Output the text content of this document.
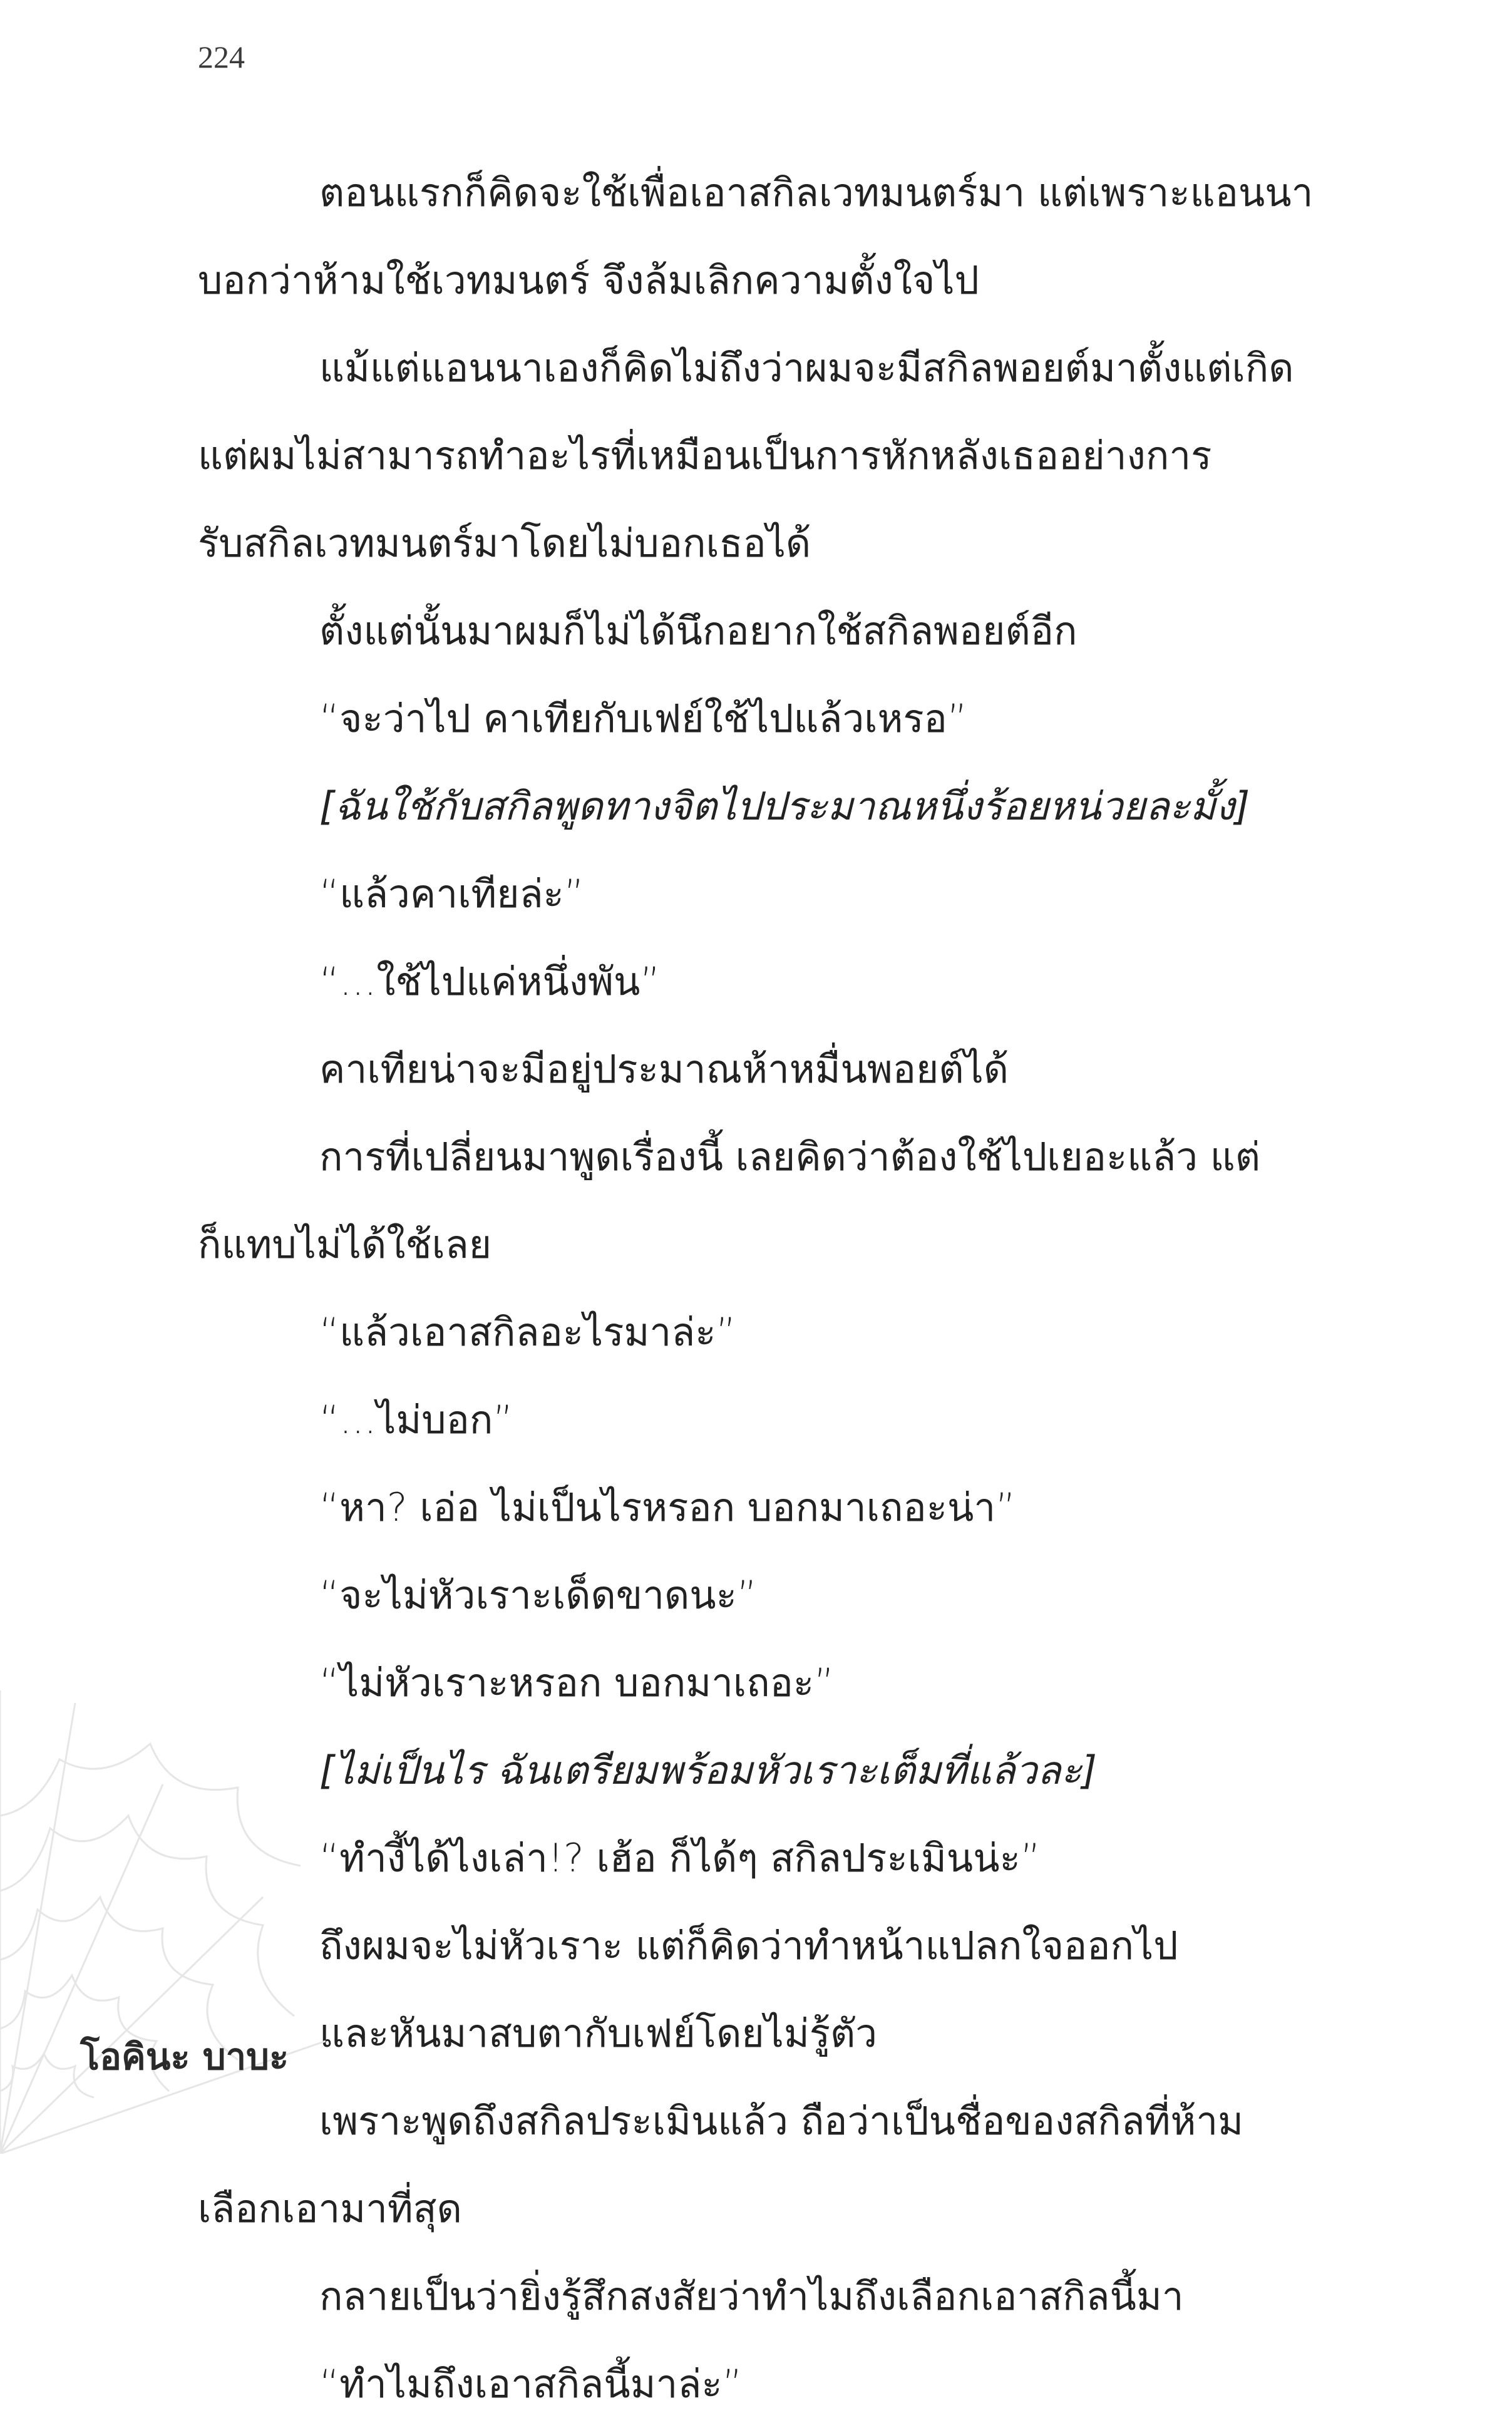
224
ตอนแรกก็คิดจะใช้เพื่อเอาสกิลเวทมนตร์มา แต่เพราะแอนนา
บอกว่าห้ามใช้เวทมนตร์ จึงล้มเลิกความตั้งใจไป
แม้แต่แอนนาเองก็คิดไม่ถึงว่าผมจะมีสกิลพอยต์มาตั้งแต่เกิด
แต่ผมไม่สามารถทำอะไรที่เหมือนเป็นการหักหลังเธออย่างการ
รับสกิลเวทมนตร์มาโดยไม่บอกเธอได้
ตั้งแต่นั้นมาผมก็ไม่ได้นึกอยากใช้สกิลพอยต์อีก
“จะว่าไป คาเทียกับเฟย์ใช้ไปแล้วเหรอ”
[ฉันใช้กับสกิลพูดทางจิตไปประมาณหนึ่งร้อยหน่วยละมั้ง]
“แล้วคาเทียล่ะ”
“...ใช้ไปแค่หนึ่งพัน”
คาเทียน่าจะมีอยู่ประมาณห้าหมื่นพอยต์ได้
การที่เปลี่ยนมาพูดเรื่องนี้ เลยคิดว่าต้องใช้ไปเยอะแล้ว แต่
ก็แทบไม่ได้ใช้เลย
“แล้วเอาสกิลอะไรมาล่ะ”
“...ไม่บอก”
“หา? เอ่อ ไม่เป็นไรหรอก บอกมาเถอะน่า”
“จะไม่หัวเราะเด็ดขาดนะ”
“ไม่หัวเราะหรอก บอกมาเถอะ”
[ไม่เป็นไร ฉันเตรียมพร้อมหัวเราะเต็มที่แล้วละ]
“ทำงี้ได้ไงเล่า!? เฮ้อ ก็ได้ๆ สกิลประเมินน่ะ”
ถึงผมจะไม่หัวเราะ แต่ก็คิดว่าทำหน้าแปลกใจออกไป
และหันมาสบตากับเฟย์โดยไม่รู้ตัว
เพราะพูดถึงสกิลประเมินแล้ว ถือว่าเป็นชื่อของสกิลที่ห้าม
เลือกเอามาที่สุด
กลายเป็นว่ายิ่งรู้สึกสงสัยว่าทำไมถึงเลือกเอาสกิลนี้มา
“ทำไมถึงเอาสกิลนี้มาล่ะ”
โอคินะ บาบะ
